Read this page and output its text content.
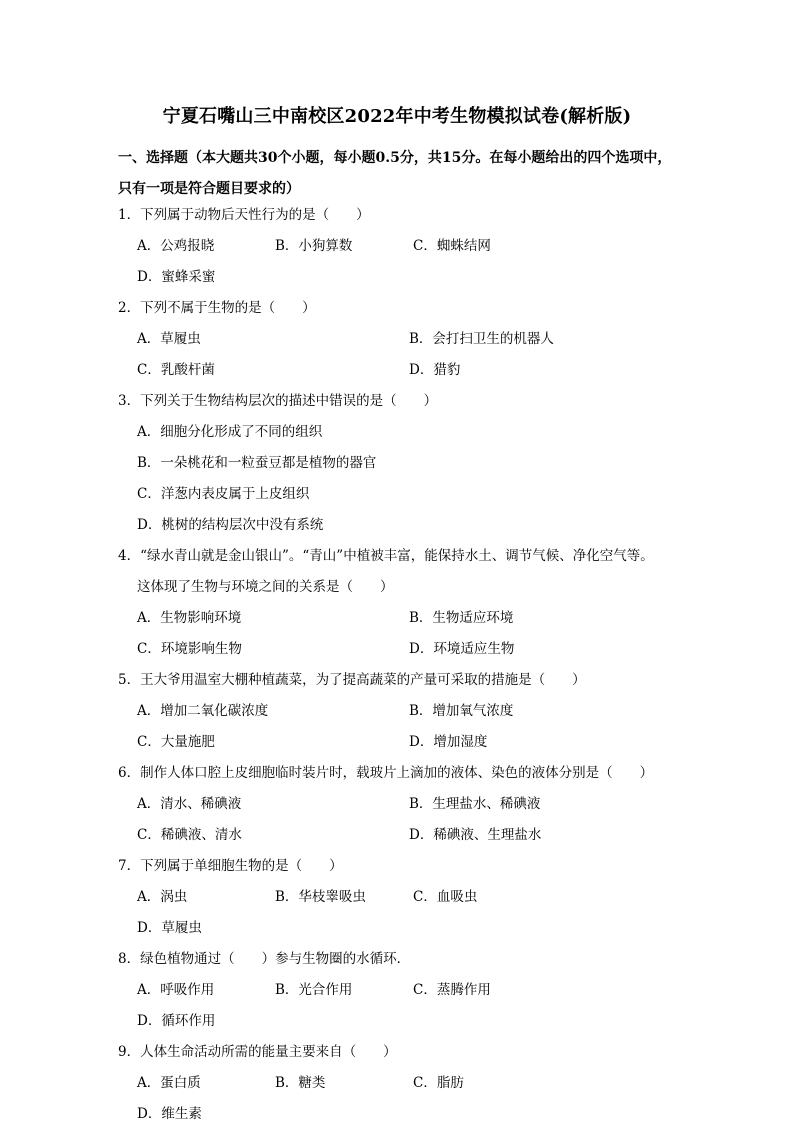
宁夏石嘴山三中南校区2022年中考生物模拟试卷(解析版)
一、选择题（本大题共30个小题，每小题0.5分，共15分。在每小题给出的四个选项中，
只有一项是符合题目要求的）
1．下列属于动物后天性行为的是（　　）
A．公鸡报晓	B．小狗算数	C．蜘蛛结网
D．蜜蜂采蜜
2．下列不属于生物的是（　　）
A．草履虫	B．会打扫卫生的机器人
C．乳酸杆菌	D．猎豹
3．下列关于生物结构层次的描述中错误的是（　　）
A．细胞分化形成了不同的组织
B．一朵桃花和一粒蚕豆都是植物的器官
C．洋葱内表皮属于上皮组织
D．桃树的结构层次中没有系统
4．“绿水青山就是金山银山”。“青山”中植被丰富，能保持水土、调节气候、净化空气等。
这体现了生物与环境之间的关系是（　　）
A．生物影响环境	B．生物适应环境
C．环境影响生物	D．环境适应生物
5．王大爷用温室大棚种植蔬菜，为了提高蔬菜的产量可采取的措施是（　　）
A．增加二氧化碳浓度	B．增加氧气浓度
C．大量施肥	D．增加湿度
6．制作人体口腔上皮细胞临时装片时，载玻片上滴加的液体、染色的液体分别是（　　）
A．清水、稀碘液	B．生理盐水、稀碘液
C．稀碘液、清水	D．稀碘液、生理盐水
7．下列属于单细胞生物的是（　　）
A．涡虫	B．华枝睾吸虫	C．血吸虫
D．草履虫
8．绿色植物通过（　　）参与生物圈的水循环．
A．呼吸作用	B．光合作用	C．蒸腾作用
D．循环作用
9．人体生命活动所需的能量主要来自（　　）
A．蛋白质	B．糖类	C．脂肪
D．维生素
